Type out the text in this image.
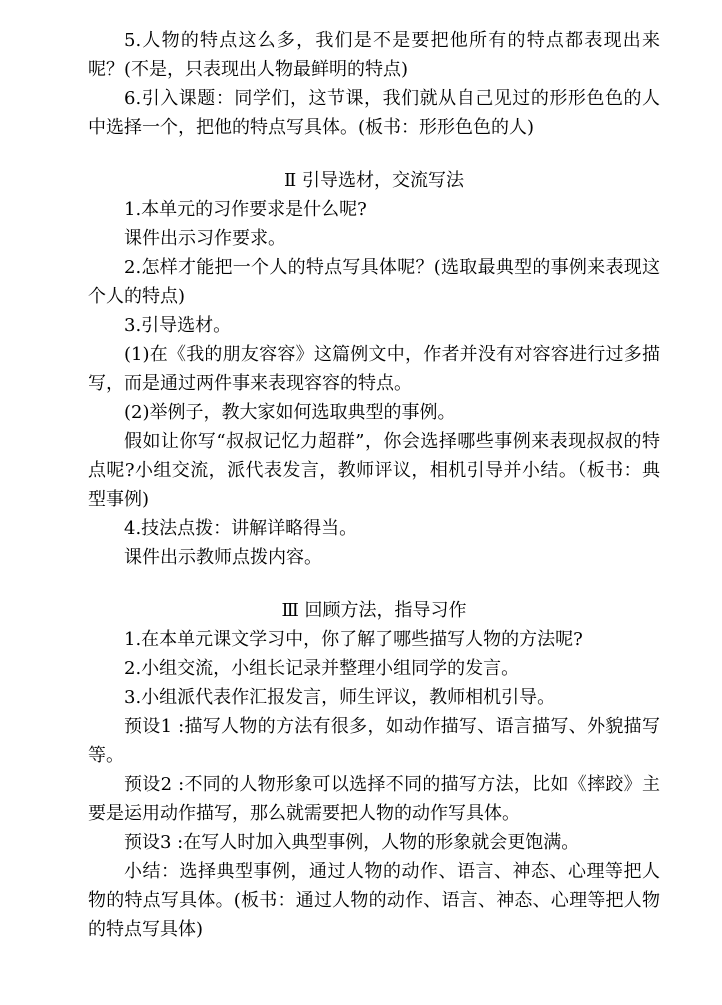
5.人物的特点这么多，我们是不是要把他所有的特点都表现出来呢？(不是，只表现出人物最鲜明的特点)

6.引入课题：同学们，这节课，我们就从自己见过的形形色色的人中选择一个，把他的特点写具体。(板书：形形色色的人)

Ⅱ 引导选材，交流写法

1.本单元的习作要求是什么呢?

课件出示习作要求。

2.怎样才能把一个人的特点写具体呢？(选取最典型的事例来表现这个人的特点)

3.引导选材。

(1)在《我的朋友容容》这篇例文中，作者并没有对容容进行过多描写，而是通过两件事来表现容容的特点。

(2)举例子，教大家如何选取典型的事例。

假如让你写“叔叔记忆力超群”，你会选择哪些事例来表现叔叔的特点呢?小组交流，派代表发言，教师评议，相机引导并小结。（板书：典型事例)

4.技法点拨：讲解详略得当。

课件出示教师点拨内容。

Ⅲ 回顾方法，指导习作

1.在本单元课文学习中，你了解了哪些描写人物的方法呢?

2.小组交流，小组长记录并整理小组同学的发言。

3.小组派代表作汇报发言，师生评议，教师相机引导。

预设1 :描写人物的方法有很多，如动作描写、语言描写、外貌描写等。

预设2 :不同的人物形象可以选择不同的描写方法，比如《摔跤》主要是运用动作描写，那么就需要把人物的动作写具体。

预设3 :在写人时加入典型事例，人物的形象就会更饱满。

小结：选择典型事例，通过人物的动作、语言、神态、心理等把人物的特点写具体。(板书：通过人物的动作、语言、神态、心理等把人物的特点写具体)
